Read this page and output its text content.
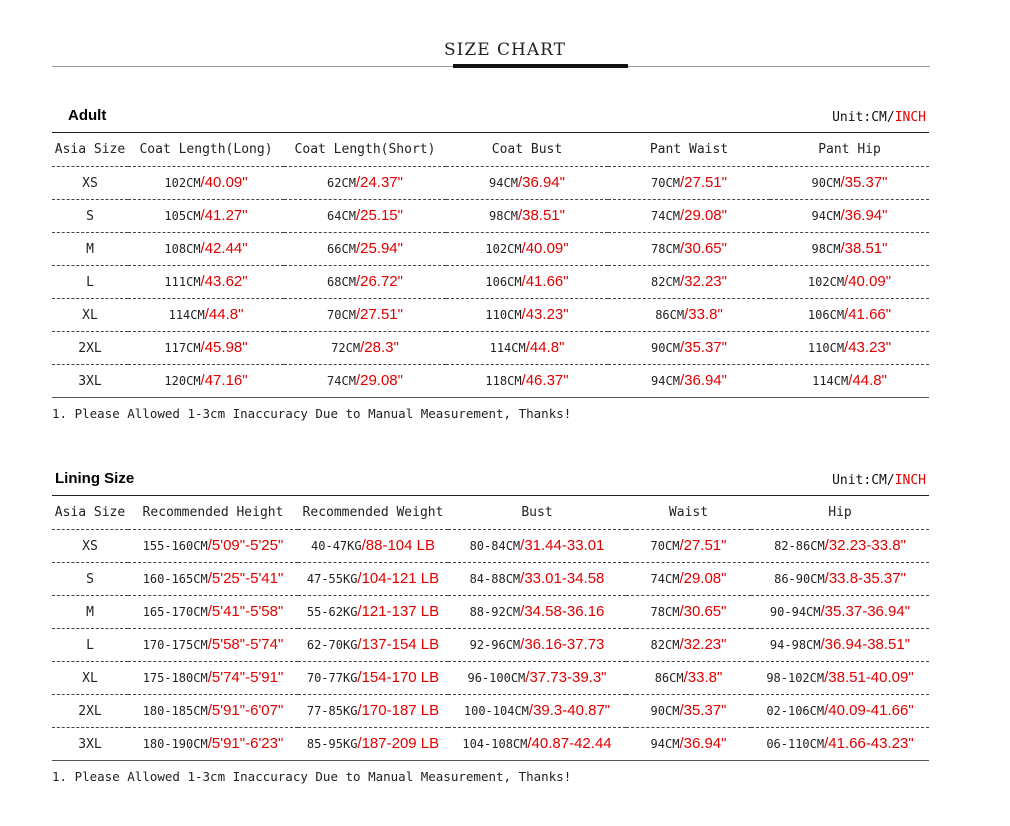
SIZE CHART
Adult	Unit:CM/INCH
Asia Size	Coat Length(Long)	Coat Length(Short)	Coat Bust	Pant Waist	Pant Hip
XS	102CM/40.09"	62CM/24.37"	94CM/36.94"	70CM/27.51"	90CM/35.37"
S	105CM/41.27"	64CM/25.15"	98CM/38.51"	74CM/29.08"	94CM/36.94"
M	108CM/42.44"	66CM/25.94"	102CM/40.09"	78CM/30.65"	98CM/38.51"
L	111CM/43.62"	68CM/26.72"	106CM/41.66"	82CM/32.23"	102CM/40.09"
XL	114CM/44.8"	70CM/27.51"	110CM/43.23"	86CM/33.8"	106CM/41.66"
2XL	117CM/45.98"	72CM/28.3"	114CM/44.8"	90CM/35.37"	110CM/43.23"
3XL	120CM/47.16"	74CM/29.08"	118CM/46.37"	94CM/36.94"	114CM/44.8"
1. Please Allowed 1-3cm Inaccuracy Due to Manual Measurement, Thanks!
Lining Size	Unit:CM/INCH
Asia Size	Recommended Height	Recommended Weight	Bust	Waist	Hip
XS	155-160CM/5'09"-5'25"	40-47KG/88-104 LB	80-84CM/31.44-33.01	70CM/27.51"	82-86CM/32.23-33.8"
S	160-165CM/5'25"-5'41"	47-55KG/104-121 LB	84-88CM/33.01-34.58	74CM/29.08"	86-90CM/33.8-35.37"
M	165-170CM/5'41"-5'58"	55-62KG/121-137 LB	88-92CM/34.58-36.16	78CM/30.65"	90-94CM/35.37-36.94"
L	170-175CM/5'58"-5'74"	62-70KG/137-154 LB	92-96CM/36.16-37.73	82CM/32.23"	94-98CM/36.94-38.51"
XL	175-180CM/5'74"-5'91"	70-77KG/154-170 LB	96-100CM/37.73-39.3"	86CM/33.8"	98-102CM/38.51-40.09"
2XL	180-185CM/5'91"-6'07"	77-85KG/170-187 LB	100-104CM/39.3-40.87"	90CM/35.37"	02-106CM/40.09-41.66"
3XL	180-190CM/5'91"-6'23"	85-95KG/187-209 LB	104-108CM/40.87-42.44	94CM/36.94"	06-110CM/41.66-43.23"
1. Please Allowed 1-3cm Inaccuracy Due to Manual Measurement, Thanks!
